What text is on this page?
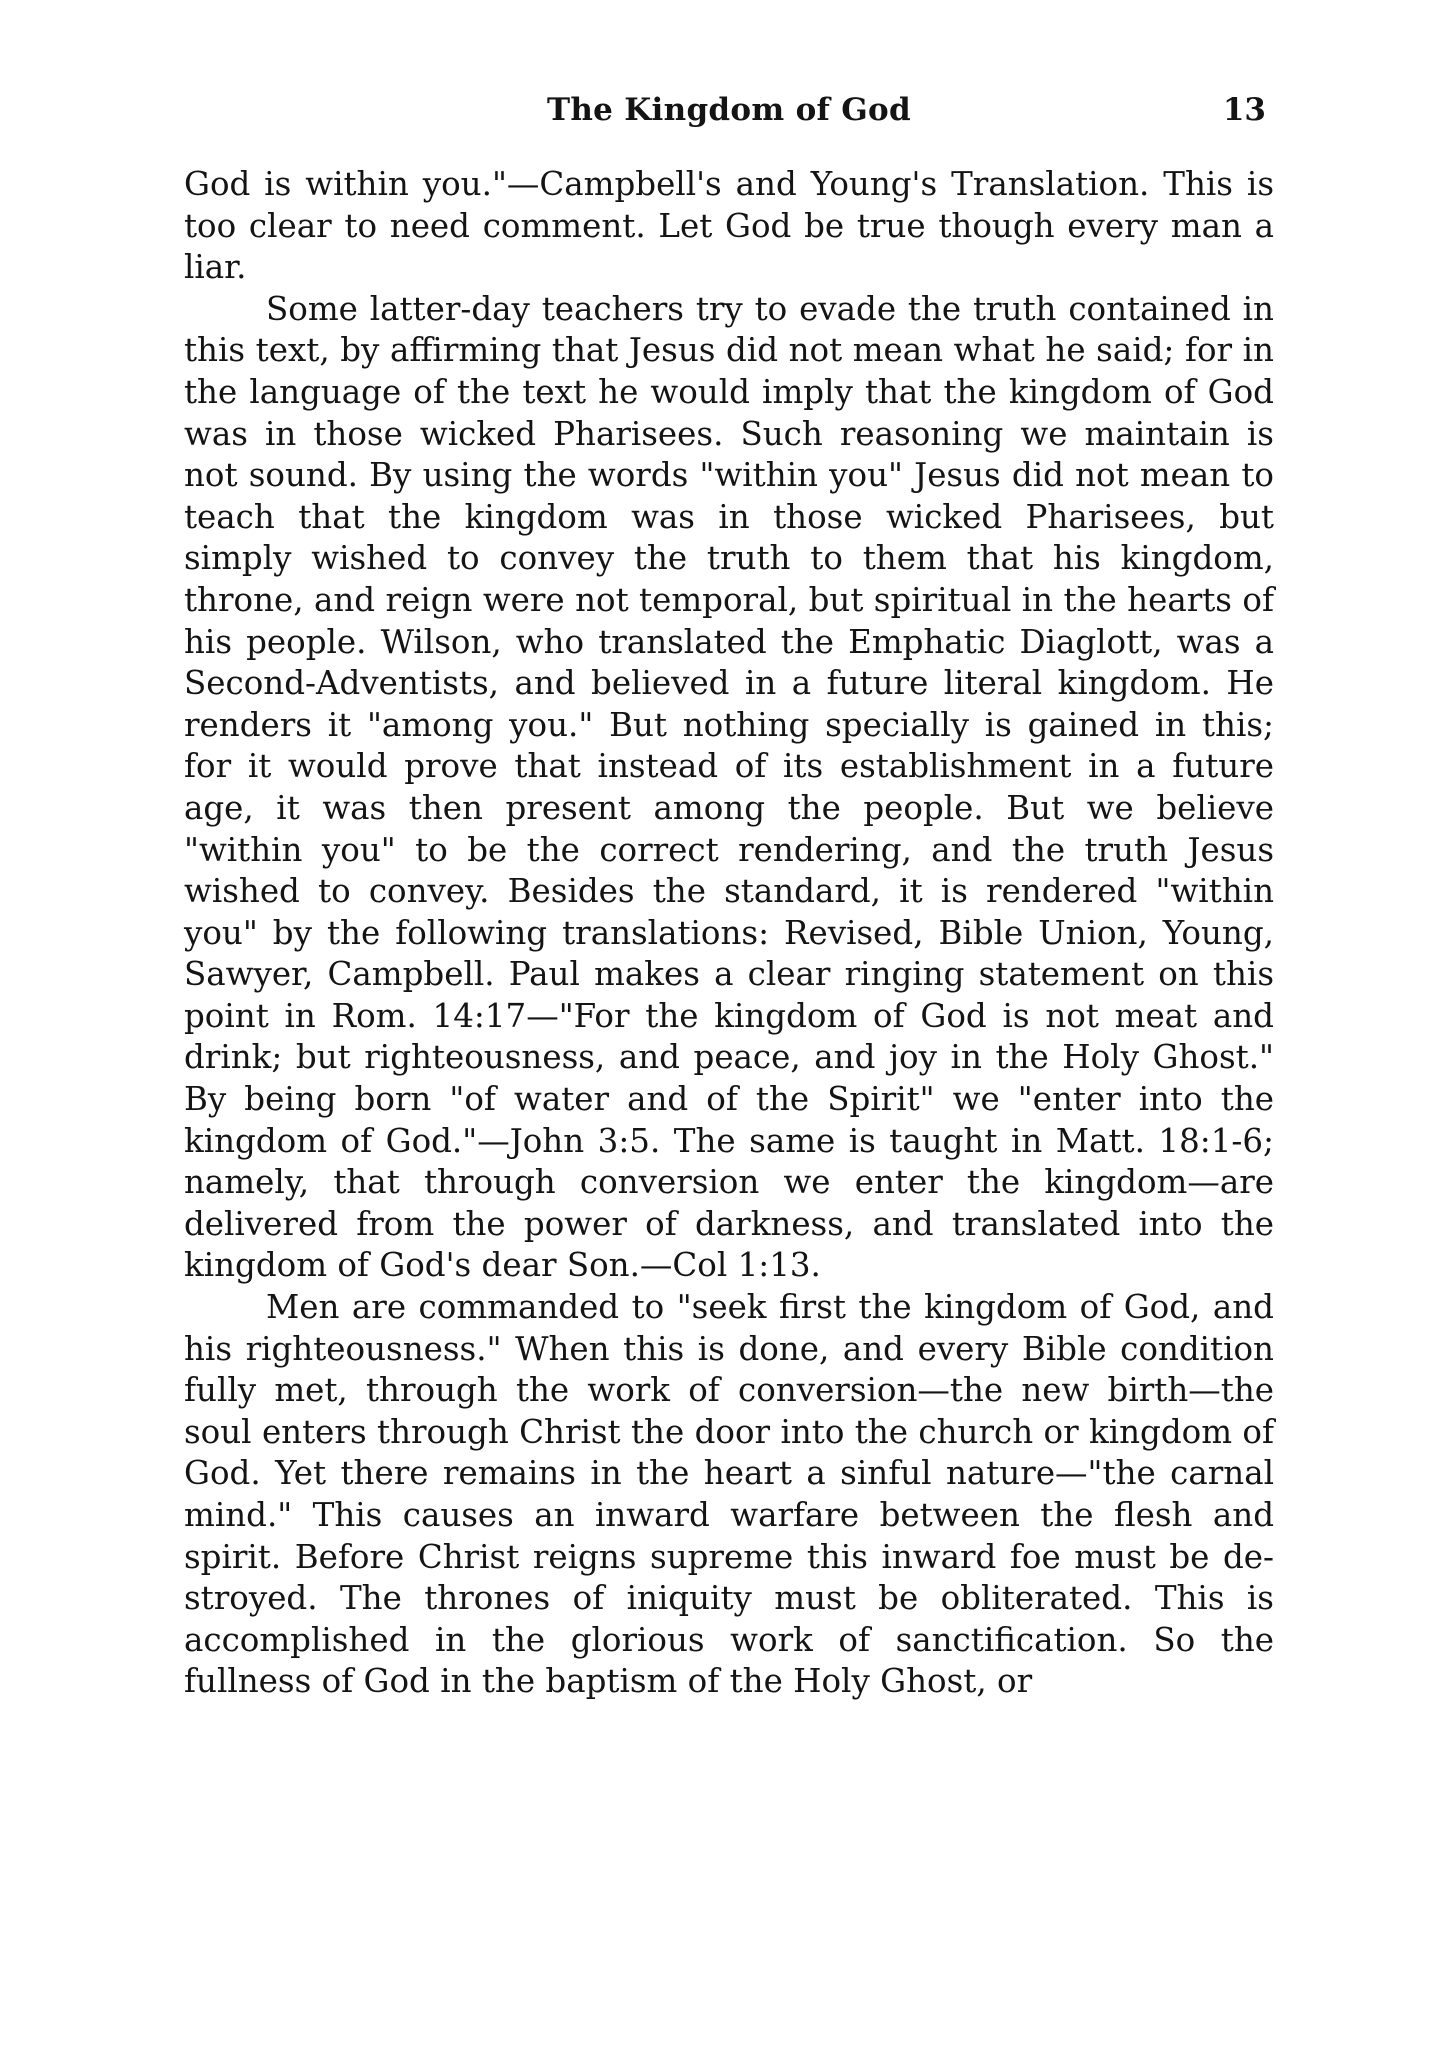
The Kingdom of God	13

God is within you."—Campbell's and Young's Translation. This is too clear to need comment. Let God be true though every man a liar.

Some latter-day teachers try to evade the truth contained in this text, by affirming that Jesus did not mean what he said; for in the language of the text he would imply that the kingdom of God was in those wicked Pharisees. Such reasoning we maintain is not sound. By using the words "within you" Jesus did not mean to teach that the kingdom was in those wicked Pharisees, but simply wished to convey the truth to them that his kingdom, throne, and reign were not temporal, but spiritual in the hearts of his people. Wilson, who translated the Emphatic Diaglott, was a Second-Adventists, and believed in a future literal kingdom. He renders it "among you." But nothing specially is gained in this; for it would prove that instead of its establishment in a future age, it was then present among the people. But we believe "within you" to be the correct rendering, and the truth Jesus wished to convey. Besides the standard, it is rendered "within you" by the following translations: Revised, Bible Union, Young, Sawyer, Campbell. Paul makes a clear ringing statement on this point in Rom. 14:17—"For the kingdom of God is not meat and drink; but righteousness, and peace, and joy in the Holy Ghost." By being born "of water and of the Spirit" we "enter into the kingdom of God."—John 3:5. The same is taught in Matt. 18:1-6; namely, that through conversion we enter the kingdom—are delivered from the power of darkness, and translated into the kingdom of God's dear Son.—Col 1:13.

Men are commanded to "seek first the kingdom of God, and his righteousness." When this is done, and every Bible condition fully met, through the work of conversion—the new birth—the soul enters through Christ the door into the church or kingdom of God. Yet there remains in the heart a sinful nature—"the carnal mind." This causes an inward warfare between the flesh and spirit. Before Christ reigns supreme this inward foe must be destroyed. The thrones of iniquity must be obliterated. This is accomplished in the glorious work of sanctification. So the fullness of God in the baptism of the Holy Ghost, or
